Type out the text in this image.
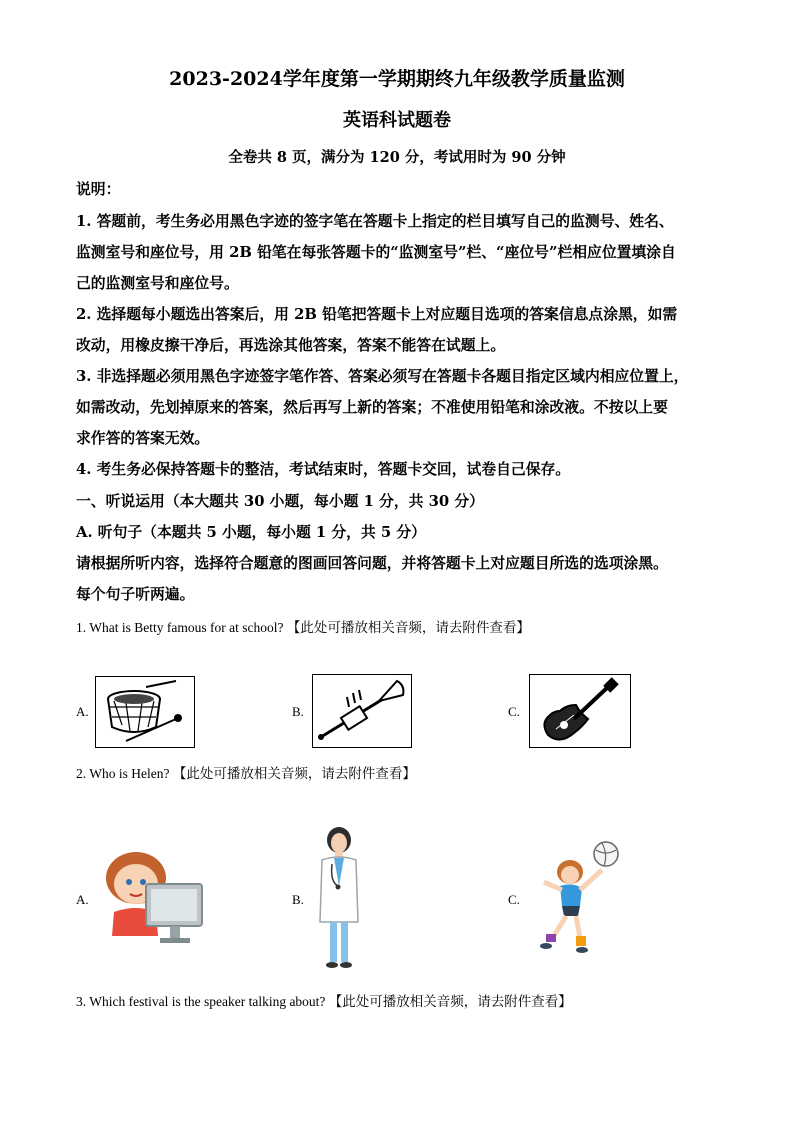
2023-2024学年度第一学期期终九年级教学质量监测
英语科试题卷
全卷共 8 页，满分为 120 分，考试用时为 90 分钟
说明：
1. 答题前，考生务必用黑色字迹的签字笔在答题卡上指定的栏目填写自己的监测号、姓名、
监测室号和座位号，用 2B 铅笔在每张答题卡的“监测室号”栏、“座位号”栏相应位置填涂自
己的监测室号和座位号。
2. 选择题每小题选出答案后，用 2B 铅笔把答题卡上对应题目选项的答案信息点涂黑，如需
改动，用橡皮擦干净后，再选涂其他答案，答案不能答在试题上。
3. 非选择题必须用黑色字迹签字笔作答、答案必须写在答题卡各题目指定区域内相应位置上，
如需改动，先划掉原来的答案，然后再写上新的答案；不准使用铅笔和涂改液。不按以上要
求作答的答案无效。
4. 考生务必保持答题卡的整洁，考试结束时，答题卡交回，试卷自己保存。
一、听说运用（本大题共 30 小题，每小题 1 分，共 30 分）
A. 听句子（本题共 5 小题，每小题 1 分，共 5 分）
请根据所听内容，选择符合题意的图画回答问题，并将答题卡上对应题目所选的选项涂黑。
每个句子听两遍。
1. What is Betty famous for at school? 【此处可播放相关音频，请去附件查看】
A.	B.	C.
2. Who is Helen? 【此处可播放相关音频，请去附件查看】
A.	B.	C.
3. Which festival is the speaker talking about? 【此处可播放相关音频，请去附件查看】
